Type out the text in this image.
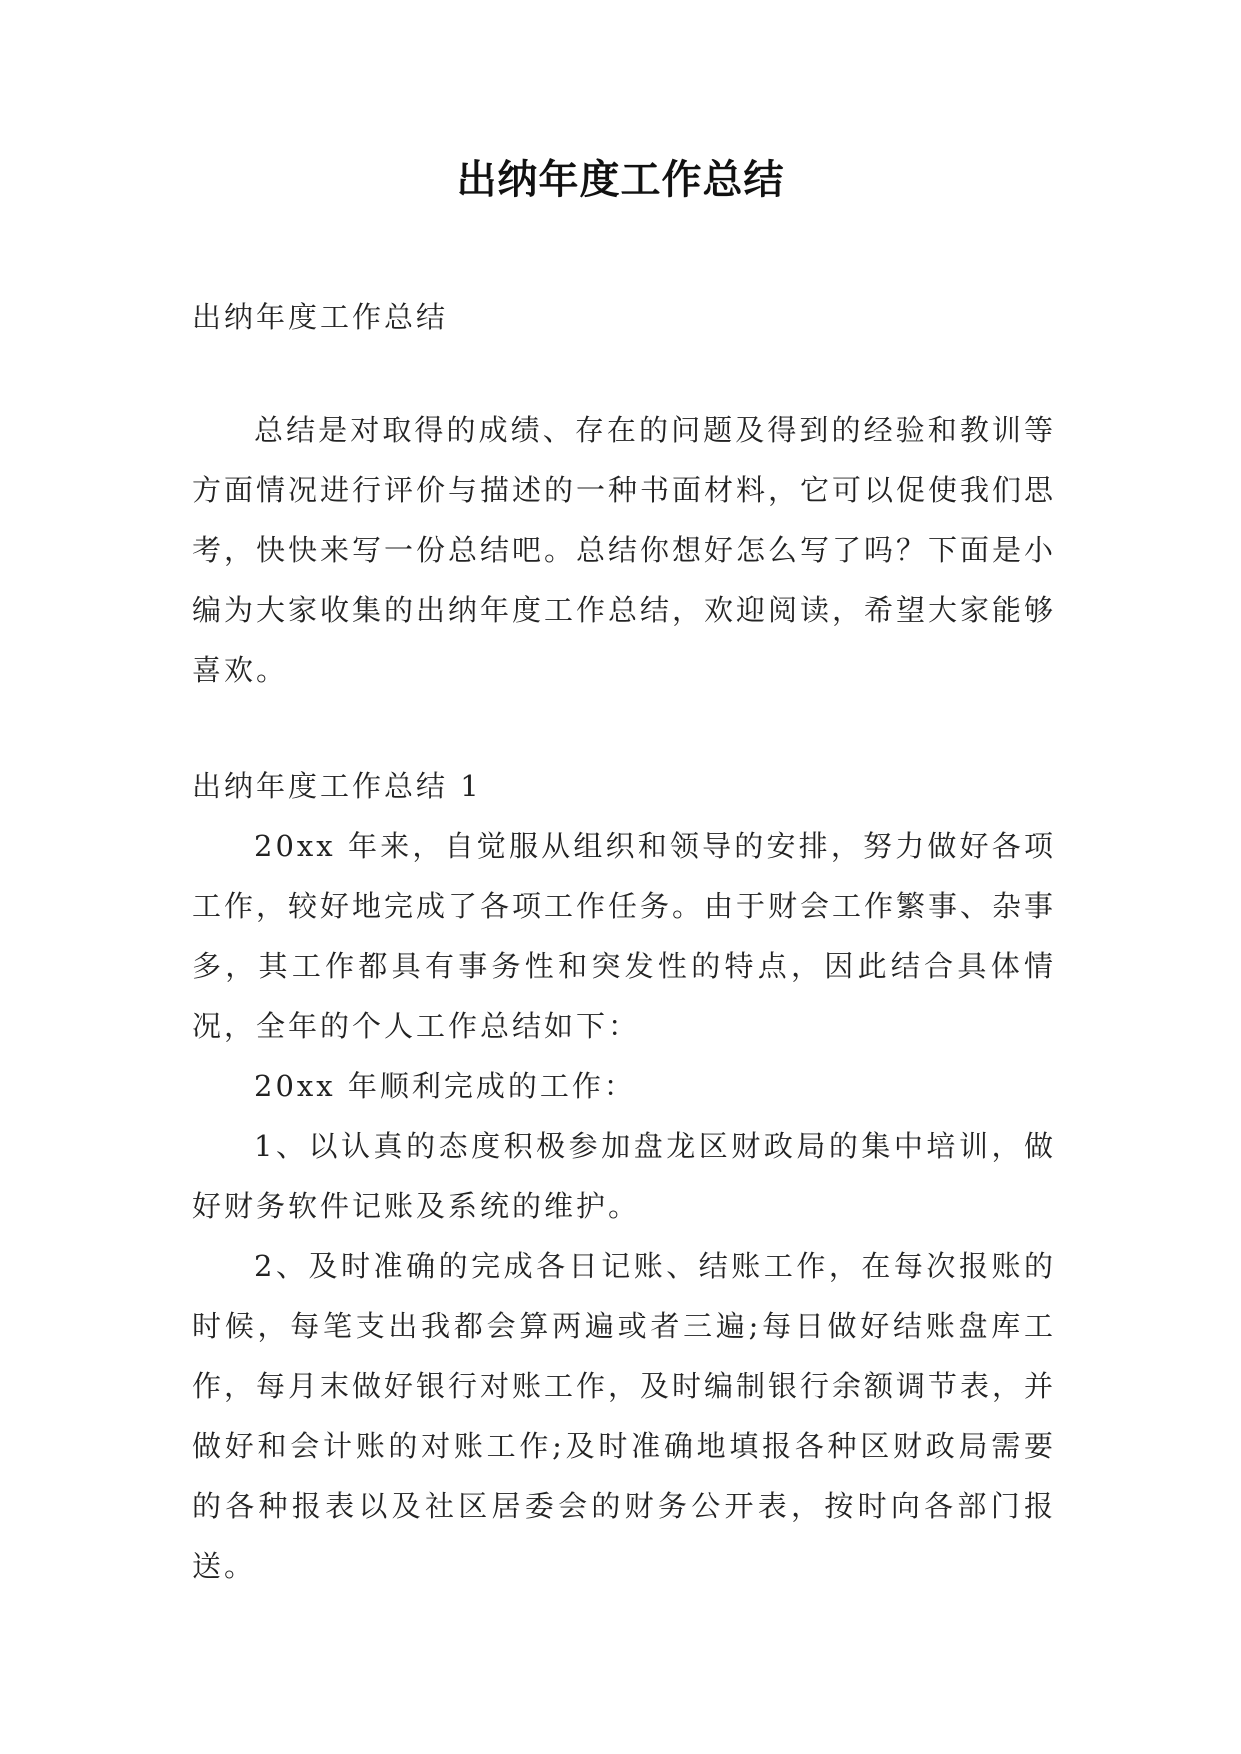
出纳年度工作总结
出纳年度工作总结
总结是对取得的成绩、存在的问题及得到的经验和教训等方面情况进行评价与描述的一种书面材料，它可以促使我们思考，快快来写一份总结吧。总结你想好怎么写了吗？下面是小编为大家收集的出纳年度工作总结，欢迎阅读，希望大家能够喜欢。
出纳年度工作总结 1

20xx 年来，自觉服从组织和领导的安排，努力做好各项工作，较好地完成了各项工作任务。由于财会工作繁事、杂事多，其工作都具有事务性和突发性的特点，因此结合具体情况，全年的个人工作总结如下：

20xx 年顺利完成的工作：

1、以认真的态度积极参加盘龙区财政局的集中培训，做好财务软件记账及系统的维护。

2、及时准确的完成各日记账、结账工作，在每次报账的时候，每笔支出我都会算两遍或者三遍;每日做好结账盘库工作，每月末做好银行对账工作，及时编制银行余额调节表，并做好和会计账的对账工作;及时准确地填报各种区财政局需要的各种报表以及社区居委会的财务公开表，按时向各部门报送。
